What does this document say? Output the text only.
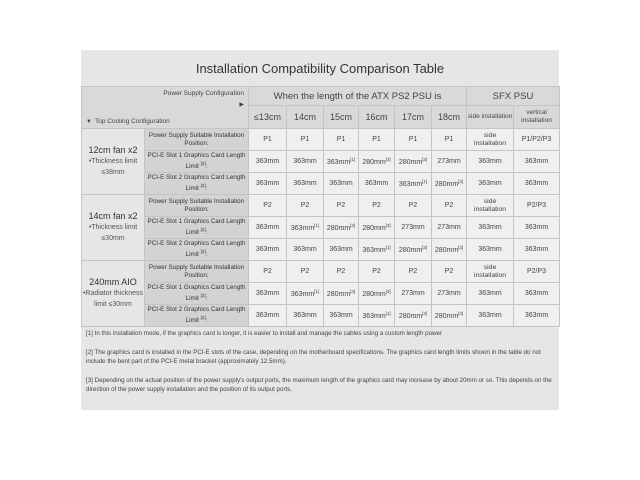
Installation Compatibility Comparison Table
Power Supply Configuration
▶
▼ Top Cooling Configuration		When the length of the ATX PS2 PSU is						SFX PSU	
		≤13cm	14cm	15cm	16cm	17cm	18cm	side installation	vertical installation

12cm fan x2
•Thickness limit ≤38mm	Power Supply Suitable Installation Position:	P1	P1	P1	P1	P1	P1	side installation	P1/P2/P3
	PCI-E Slot 1 Graphics Card Length Limit [2]:	363mm	363mm	363mm[1]	280mm[3]	280mm[3]	273mm	363mm	363mm
	PCI-E Slot 2 Graphics Card Length Limit [2]:	363mm	363mm	363mm	363mm	363mm[1]	280mm[3]	363mm	363mm

14cm fan x2
•Thickness limit ≤30mm	Power Supply Suitable Installation Position:	P2	P2	P2	P2	P2	P2	side installation	P2/P3
	PCI-E Slot 1 Graphics Card Length Limit [2]:	363mm	363mm[1]	280mm[3]	280mm[3]	273mm	273mm	363mm	363mm
	PCI-E Slot 2 Graphics Card Length Limit [2]:	363mm	363mm	363mm	363mm[1]	280mm[3]	280mm[3]	363mm	363mm

240mm AIO
•Radiator thickness limit ≤30mm	Power Supply Suitable Installation Position:	P2	P2	P2	P2	P2	P2	side installation	P2/P3
	PCI-E Slot 1 Graphics Card Length Limit [2]:	363mm	363mm[1]	280mm[3]	280mm[3]	273mm	273mm	363mm	363mm
	PCI-E Slot 2 Graphics Card Length Limit [2]:	363mm	363mm	363mm	363mm[1]	280mm[3]	280mm[3]	363mm	363mm

[1] In this installation mode, if the graphics card is longer, it is easier to install and manage the cables using a custom length power

[2] The graphics card is installed in the PCI-E slots of the case, depending on the motherboard specifications. The graphics card length limits shown in the table do not include the bent part of the PCI-E metal bracket (approximately 12.5mm).

[3] Depending on the actual position of the power supply's output ports, the maximum length of the graphics card may increase by about 20mm or so. This depends on the direction of the power supply installation and the position of its output ports.
